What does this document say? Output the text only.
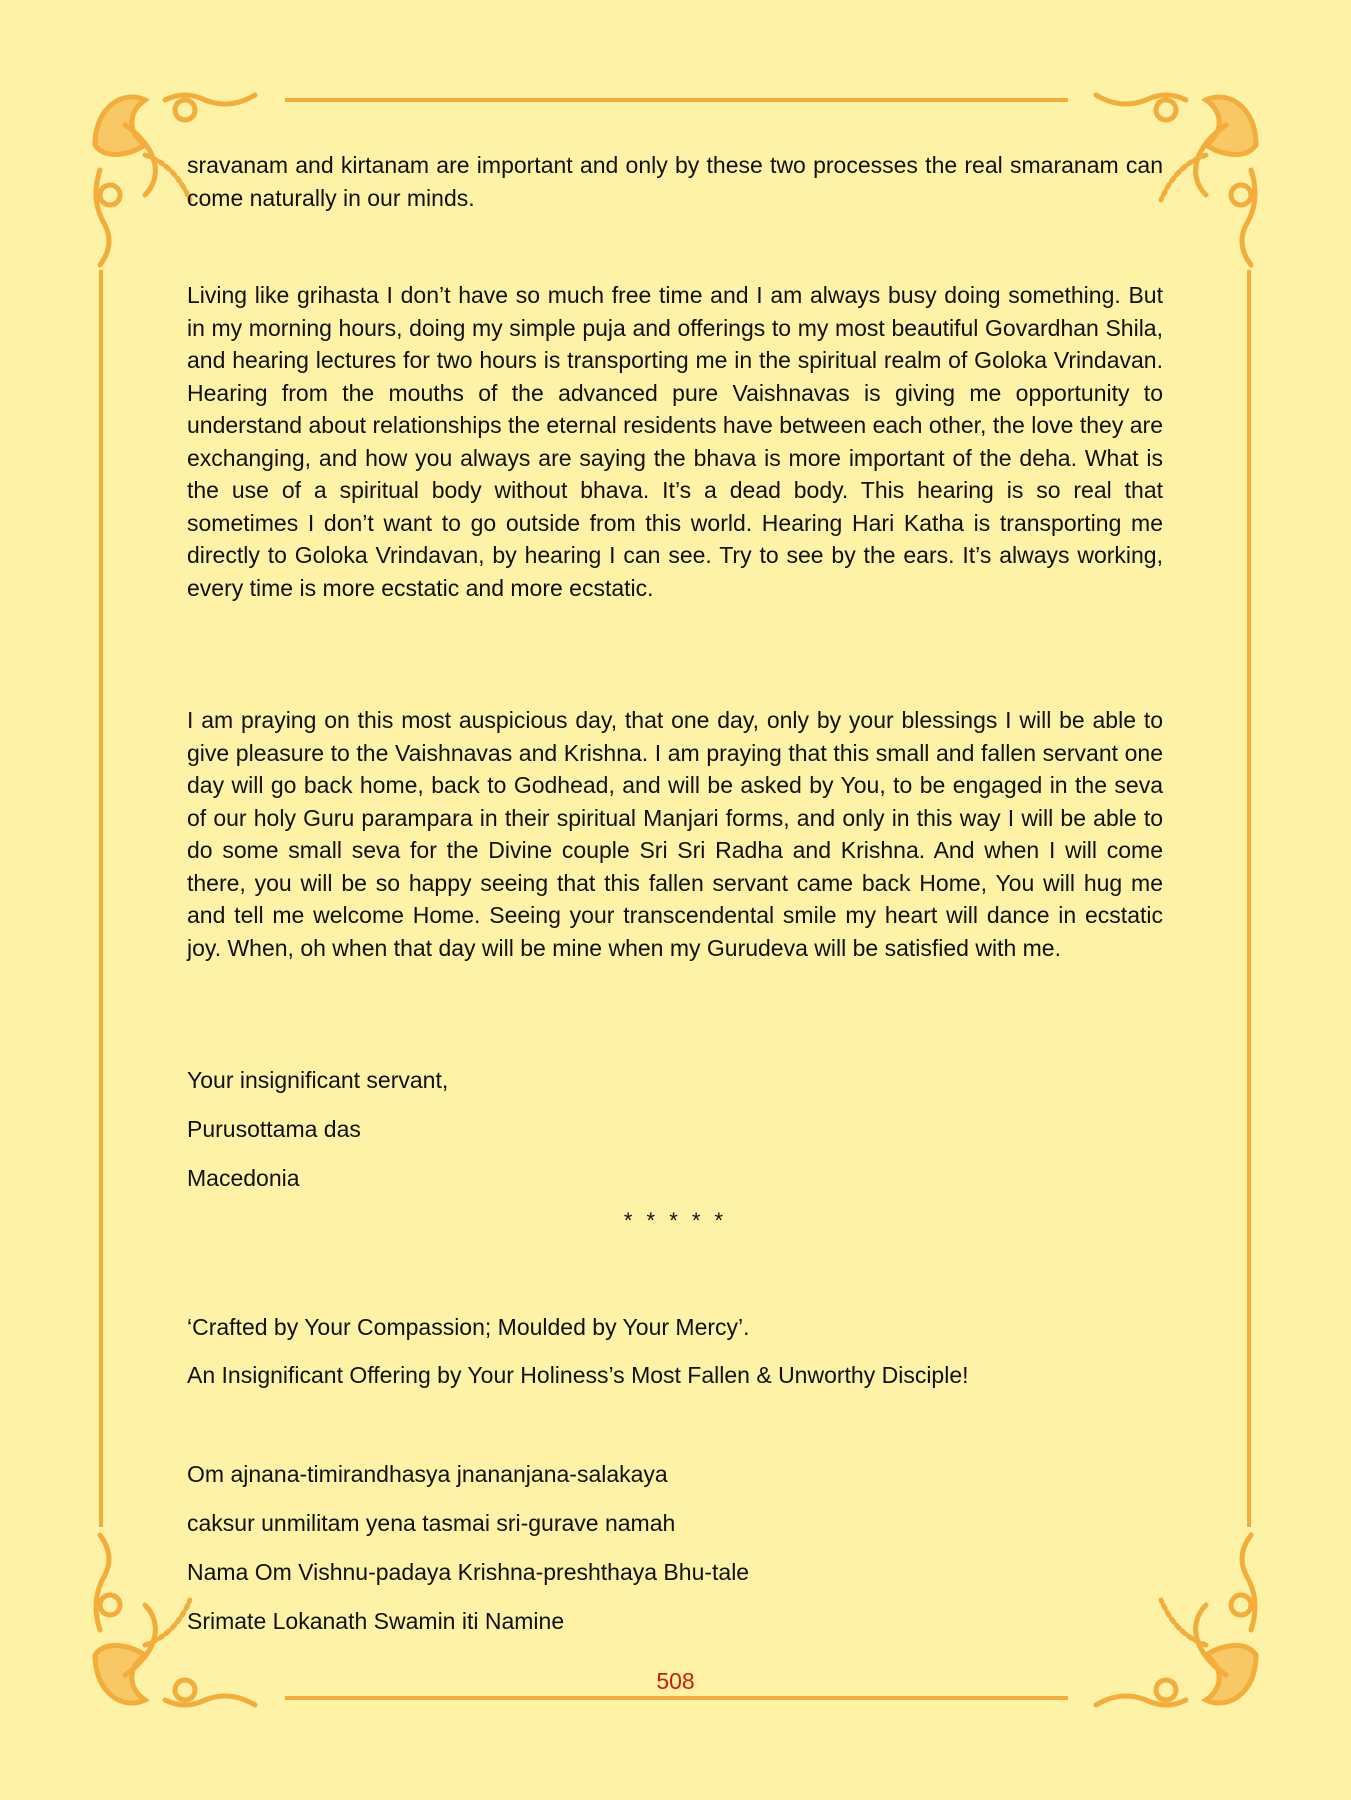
sravanam and kirtanam are important and only by these two processes the real smaranam can come naturally in our minds.

Living like grihasta I don’t have so much free time and I am always busy doing something. But in my morning hours, doing my simple puja and offerings to my most beautiful Govardhan Shila, and hearing lectures for two hours is transporting me in the spiritual realm of Goloka Vrindavan. Hearing from the mouths of the advanced pure Vaishnavas is giving me opportunity to understand about relationships the eternal residents have between each other, the love they are exchanging, and how you always are saying the bhava is more important of the deha. What is the use of a spiritual body without bhava. It’s a dead body. This hearing is so real that sometimes I don’t want to go outside from this world. Hearing Hari Katha is transporting me directly to Goloka Vrindavan, by hearing I can see. Try to see by the ears. It’s always working, every time is more ecstatic and more ecstatic.

I am praying on this most auspicious day, that one day, only by your blessings I will be able to give pleasure to the Vaishnavas and Krishna. I am praying that this small and fallen servant one day will go back home, back to Godhead, and will be asked by You, to be engaged in the seva of our holy Guru parampara in their spiritual Manjari forms, and only in this way I will be able to do some small seva for the Divine couple Sri Sri Radha and Krishna. And when I will come there, you will be so happy seeing that this fallen servant came back Home, You will hug me and tell me welcome Home. Seeing your transcendental smile my heart will dance in ecstatic joy. When, oh when that day will be mine when my Gurudeva will be satisfied with me.

Your insignificant servant,

Purusottama das

Macedonia

* * * * *

‘Crafted by Your Compassion; Moulded by Your Mercy’.

An Insignificant Offering by Your Holiness’s Most Fallen & Unworthy Disciple!

Om ajnana-timirandhasya jnananjana-salakaya

caksur unmilitam yena tasmai sri-gurave namah

Nama Om Vishnu-padaya Krishna-preshthaya Bhu-tale

Srimate Lokanath Swamin iti Namine

508
